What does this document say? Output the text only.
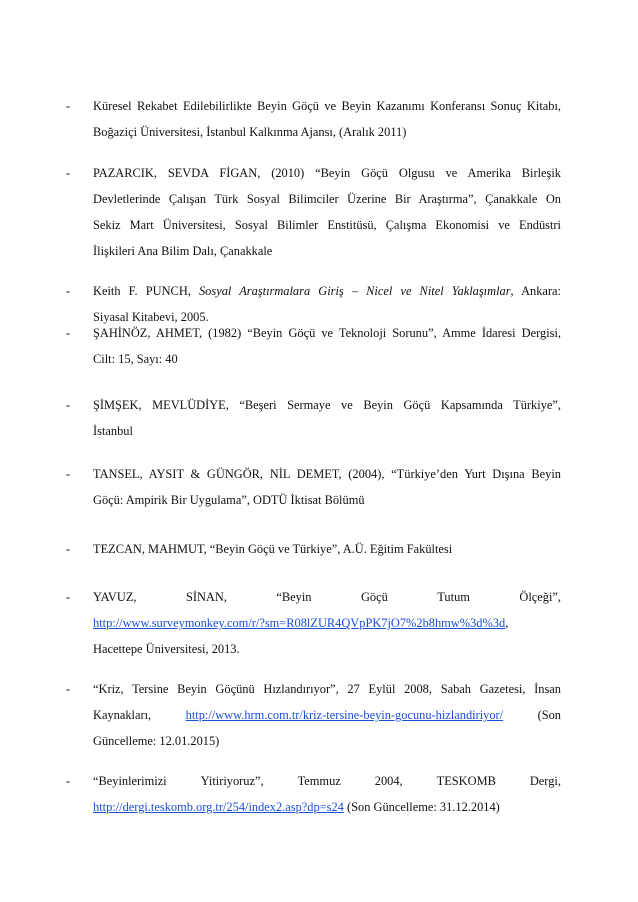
- Küresel Rekabet Edilebilirlikte Beyin Göçü ve Beyin Kazanımı Konferansı Sonuç Kitabı,
Boğaziçi Üniversitesi, İstanbul Kalkınma Ajansı, (Aralık 2011)
- PAZARCIK, SEVDA FİGAN, (2010) “Beyin Göçü Olgusu ve Amerika Birleşik
Devletlerinde Çalışan Türk Sosyal Bilimciler Üzerine Bir Araştırma”, Çanakkale On
Sekiz Mart Üniversitesi, Sosyal Bilimler Enstitüsü, Çalışma Ekonomisi ve Endüstri
İlişkileri Ana Bilim Dalı, Çanakkale
- Keith F. PUNCH, Sosyal Araştırmalara Giriş – Nicel ve Nitel Yaklaşımlar, Ankara:
Siyasal Kitabevi, 2005.
- ŞAHİNÖZ, AHMET, (1982) “Beyin Göçü ve Teknoloji Sorunu”, Amme İdaresi Dergisi,
Cilt: 15, Sayı: 40
- ŞİMŞEK, MEVLÜDİYE, “Beşeri Sermaye ve Beyin Göçü Kapsamında Türkiye”,
İstanbul
- TANSEL, AYSIT & GÜNGÖR, NİL DEMET, (2004), “Türkiye’den Yurt Dışına Beyin
Göçü: Ampirik Bir Uygulama”, ODTÜ İktisat Bölümü
- TEZCAN, MAHMUT, “Beyin Göçü ve Türkiye”, A.Ü. Eğitim Fakültesi
- YAVUZ,	SİNAN,	“Beyin	Göçü	Tutum	Ölçeği”,
http://www.surveymonkey.com/r/?sm=R08lZUR4QVpPK7jO7%2b8hmw%3d%3d,
Hacettepe Üniversitesi, 2013.
- “Kriz, Tersine Beyin Göçünü Hızlandırıyor”, 27 Eylül 2008, Sabah Gazetesi, İnsan
Kaynakları,	http://www.hrm.com.tr/kriz-tersine-beyin-gocunu-hizlandiriyor/	(Son
Güncelleme: 12.01.2015)
- “Beyinlerimizi	Yitiriyoruz”,	Temmuz	2004,	TESKOMB	Dergi,
http://dergi.teskomb.org.tr/254/index2.asp?dp=s24 (Son Güncelleme: 31.12.2014)
